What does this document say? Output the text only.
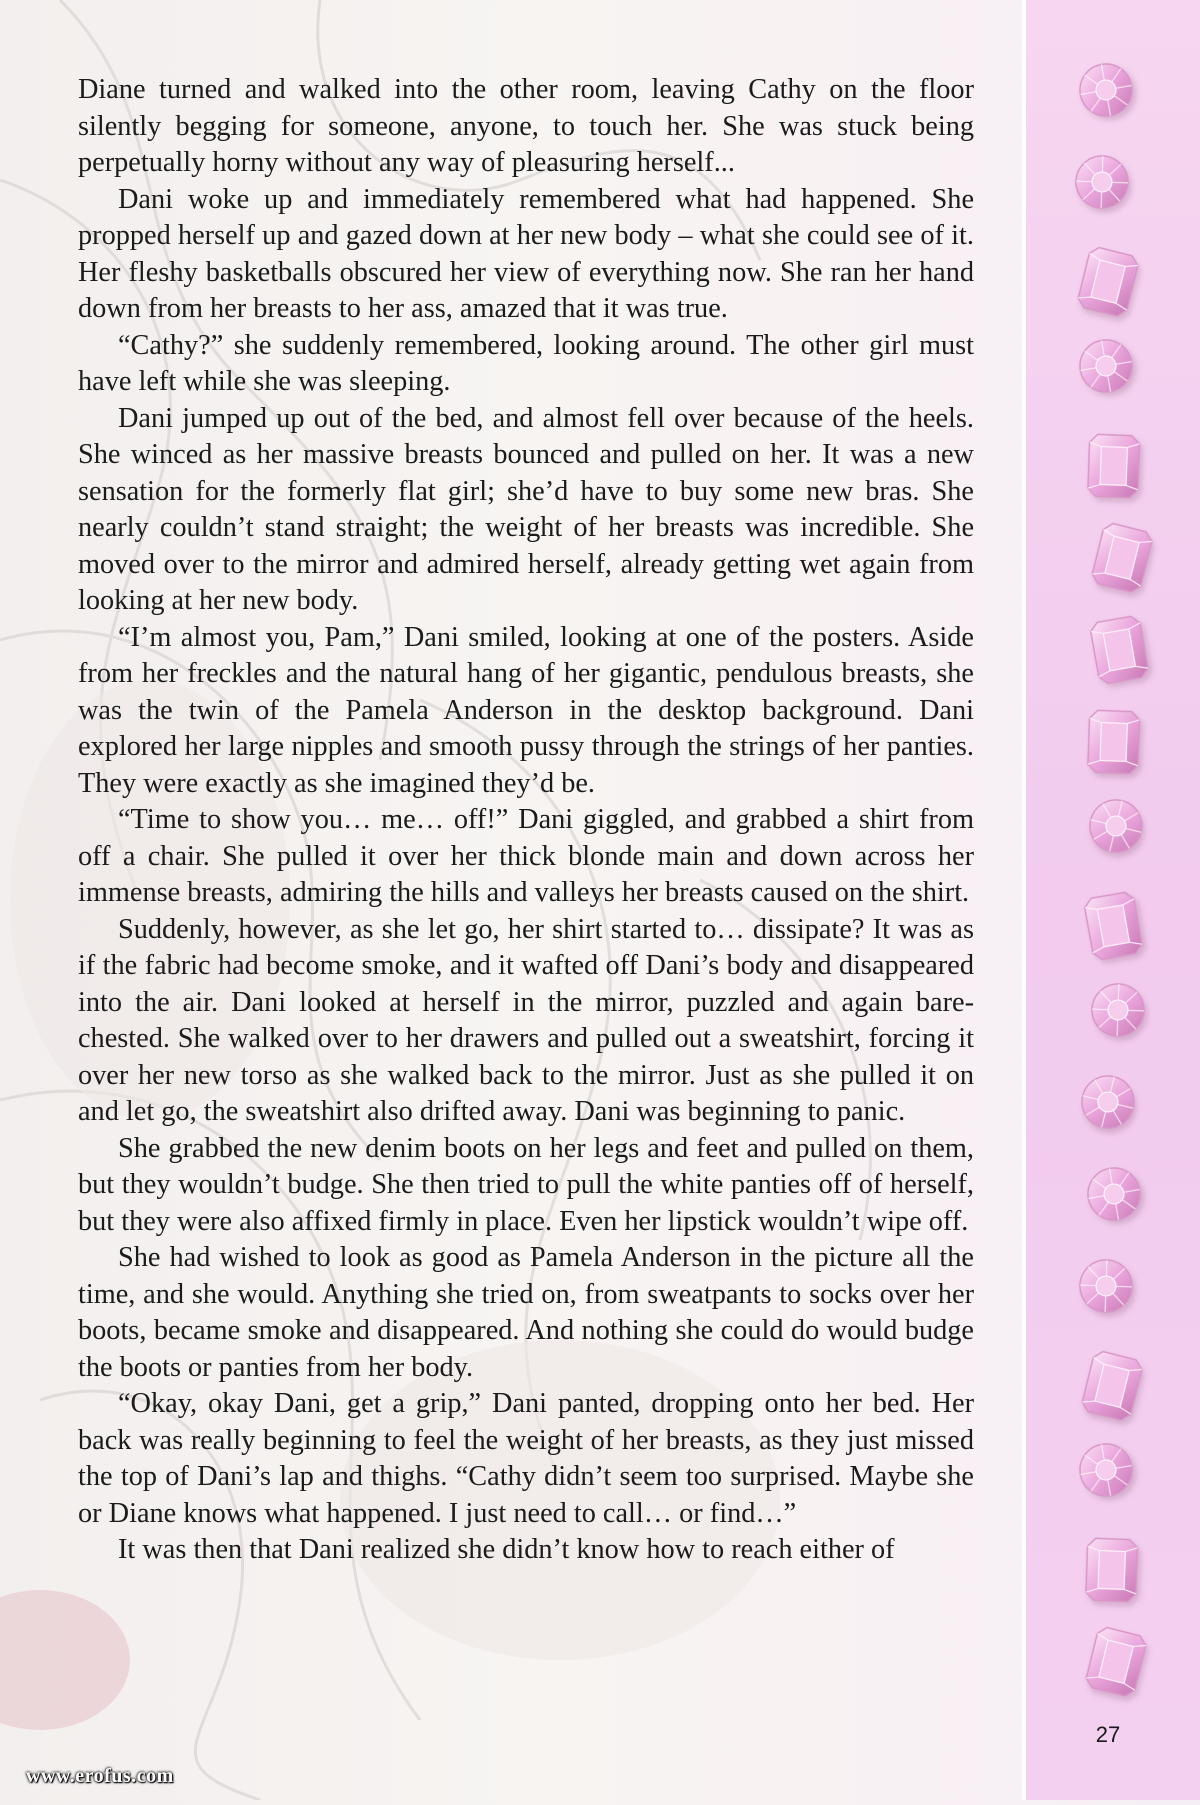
Diane turned and walked into the other room, leaving Cathy on the floor silently begging for someone, anyone, to touch her. She was stuck being perpetually horny without any way of pleasuring herself...

Dani woke up and immediately remembered what had happened. She propped herself up and gazed down at her new body – what she could see of it. Her fleshy basketballs obscured her view of everything now. She ran her hand down from her breasts to her ass, amazed that it was true.

“Cathy?” she suddenly remembered, looking around. The other girl must have left while she was sleeping.

Dani jumped up out of the bed, and almost fell over because of the heels. She winced as her massive breasts bounced and pulled on her. It was a new sensation for the formerly flat girl; she’d have to buy some new bras. She nearly couldn’t stand straight; the weight of her breasts was incredible. She moved over to the mirror and admired herself, already getting wet again from looking at her new body.

“I’m almost you, Pam,” Dani smiled, looking at one of the posters. Aside from her freckles and the natural hang of her gigantic, pendulous breasts, she was the twin of the Pamela Anderson in the desktop background. Dani explored her large nipples and smooth pussy through the strings of her panties. They were exactly as she imagined they’d be.

“Time to show you… me… off!” Dani giggled, and grabbed a shirt from off a chair. She pulled it over her thick blonde main and down across her immense breasts, admiring the hills and valleys her breasts caused on the shirt.

Suddenly, however, as she let go, her shirt started to… dissipate? It was as if the fabric had become smoke, and it wafted off Dani’s body and disappeared into the air. Dani looked at herself in the mirror, puzzled and again bare-chested. She walked over to her drawers and pulled out a sweatshirt, forcing it over her new torso as she walked back to the mirror. Just as she pulled it on and let go, the sweatshirt also drifted away. Dani was beginning to panic.

She grabbed the new denim boots on her legs and feet and pulled on them, but they wouldn’t budge. She then tried to pull the white panties off of herself, but they were also affixed firmly in place. Even her lipstick wouldn’t wipe off.

She had wished to look as good as Pamela Anderson in the picture all the time, and she would. Anything she tried on, from sweatpants to socks over her boots, became smoke and disappeared. And nothing she could do would budge the boots or panties from her body.

“Okay, okay Dani, get a grip,” Dani panted, dropping onto her bed. Her back was really beginning to feel the weight of her breasts, as they just missed the top of Dani’s lap and thighs. “Cathy didn’t seem too surprised. Maybe she or Diane knows what happened. I just need to call… or find…”

It was then that Dani realized she didn’t know how to reach either of

27
www.erofus.com
